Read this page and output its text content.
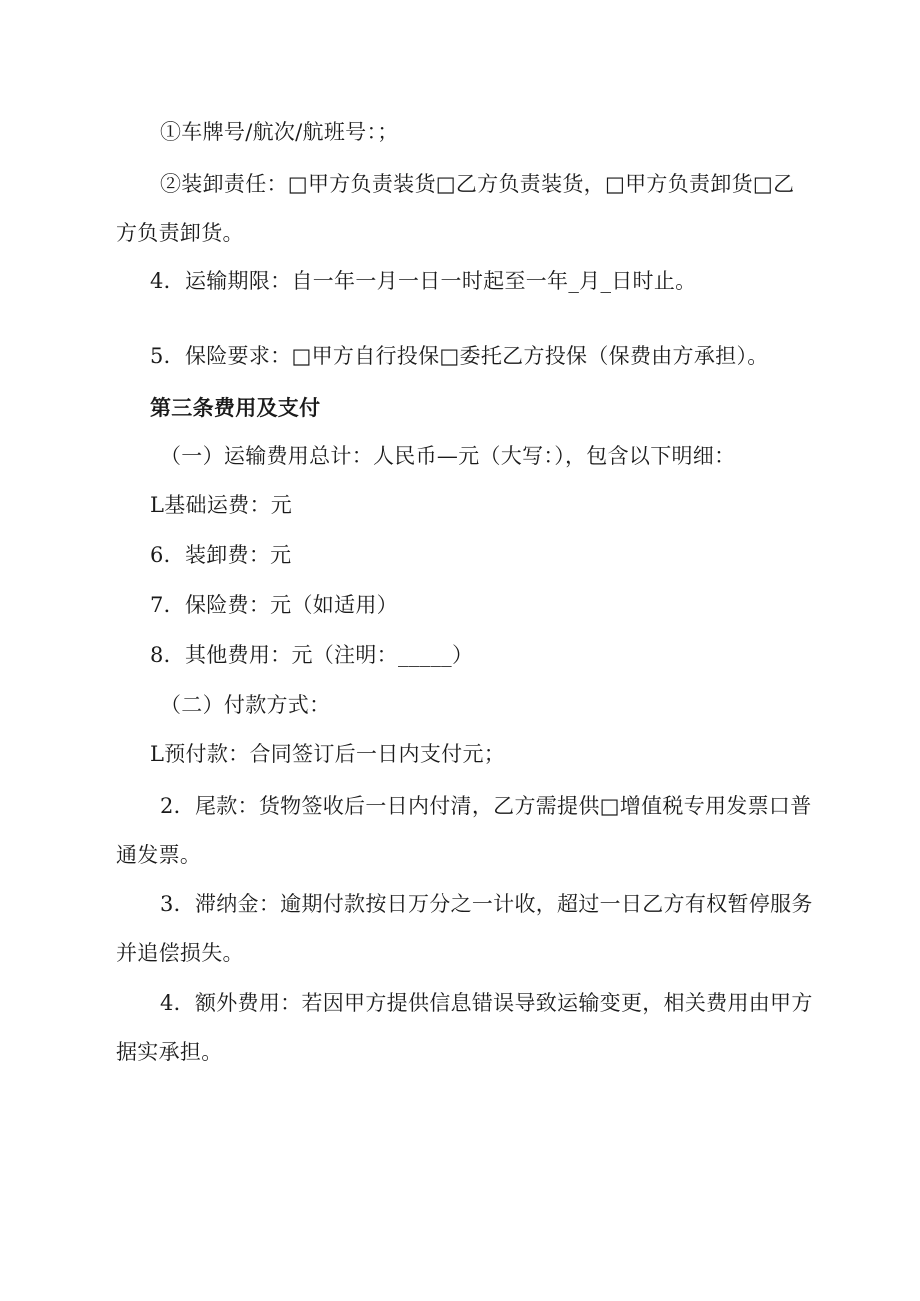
①车牌号/航次/航班号：；
②装卸责任：□甲方负责装货□乙方负责装货，□甲方负责卸货□乙
方负责卸货。
4．运输期限：自一年一月一日一时起至一年_月_日时止。
5．保险要求：□甲方自行投保□委托乙方投保（保费由方承担）。
第三条费用及支付
（一）运输费用总计：人民币—元（大写：），包含以下明细：
L基础运费：元
6．装卸费：元
7．保险费：元（如适用）
8．其他费用：元（注明：_____）
（二）付款方式：
L预付款：合同签订后一日内支付元；
2．尾款：货物签收后一日内付清，乙方需提供□增值税专用发票口普
通发票。
3．滞纳金：逾期付款按日万分之一计收，超过一日乙方有权暂停服务
并追偿损失。
4．额外费用：若因甲方提供信息错误导致运输变更，相关费用由甲方
据实承担。
